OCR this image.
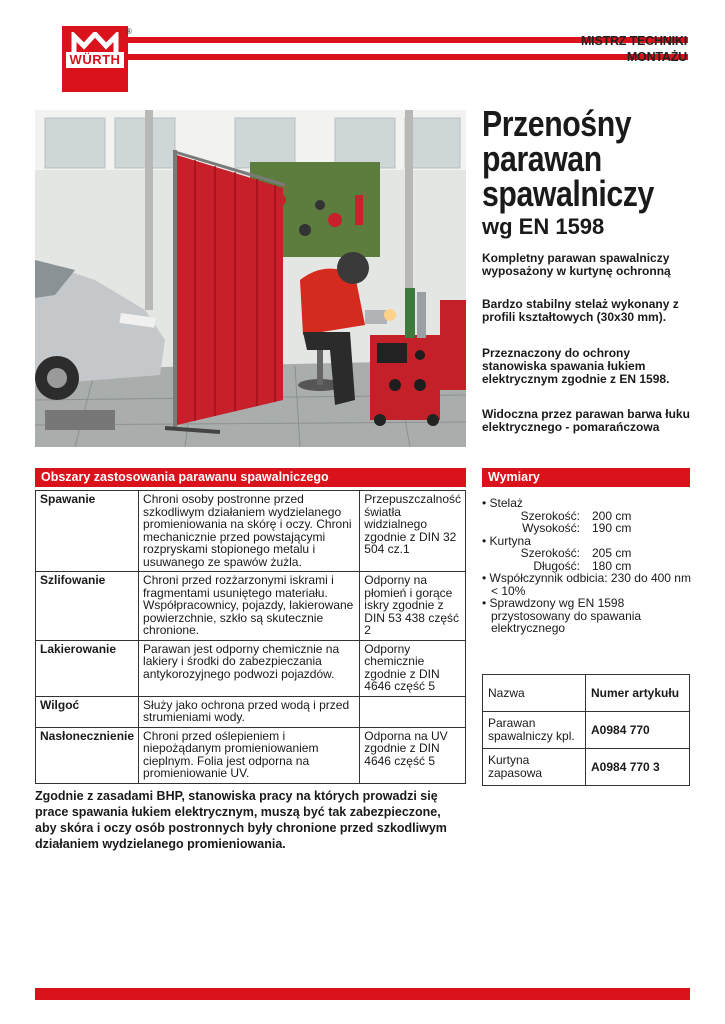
WÜRTH
®
MISTRZ TECHNIKI
MONTAŻU
Przenośny
parawan
spawalniczy
wg EN 1598
Kompletny parawan spawalniczy wyposażony w kurtynę ochronną
Bardzo stabilny stelaż wykonany z profili kształtowych (30x30 mm).
Przeznaczony do ochrony stanowiska spawania łukiem elektrycznym zgodnie z EN 1598.
Widoczna przez parawan barwa łuku elektrycznego - pomarańczowa
Obszary zastosowania parawanu spawalniczego
Spawanie	Chroni osoby postronne przed szkodliwym działaniem wydzielanego promieniowania na skórę i oczy. Chroni mechanicznie przed powstającymi rozpryskami stopionego metalu i usuwanego ze spawów żużla.	Przepuszczalność światła widzialnego zgodnie z DIN 32 504 cz.1
Szlifowanie	Chroni przed rozżarzonymi iskrami i fragmentami usuniętego materiału. Współpracownicy, pojazdy, lakierowane powierzchnie, szkło są skutecznie chronione.	Odporny na płomień i gorące iskry zgodnie z DIN 53 438 część 2
Lakierowanie	Parawan jest odporny chemicznie na lakiery i środki do zabezpieczania antykorozyjnego podwozi pojazdów.	Odporny chemicznie zgodnie z DIN 4646 część 5
Wilgoć	Służy jako ochrona przed wodą i przed strumieniami wody.	
Nasłonecznienie	Chroni przed oślepieniem i niepożądanym promieniowaniem cieplnym. Folia jest odporna na promieniowanie UV.	Odporna na UV zgodnie z DIN 4646 część 5
Zgodnie z zasadami BHP, stanowiska pracy na których prowadzi się prace spawania łukiem elektrycznym, muszą być tak zabezpieczone, aby skóra i oczy osób postronnych były chronione przed szkodliwym działaniem wydzielanego promieniowania.
Wymiary
• Stelaż
Szerokość:	200 cm
Wysokość:	190 cm
• Kurtyna
Szerokość:	205 cm
Długość:	180 cm
• Współczynnik odbicia: 230 do 400 nm < 10%
• Sprawdzony wg EN 1598 przystosowany do spawania elektrycznego
Nazwa	Numer artykułu
Parawan spawalniczy kpl.	A0984 770
Kurtyna zapasowa	A0984 770 3
